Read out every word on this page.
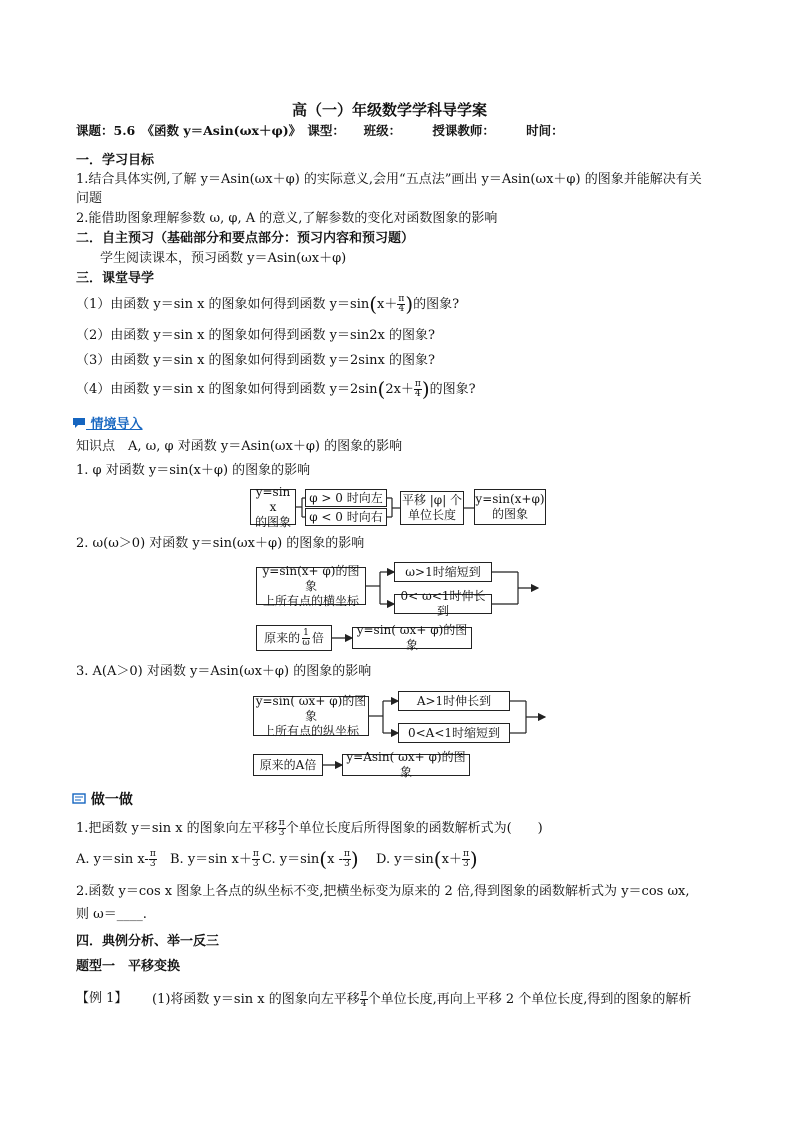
高（一）年级数学学科导学案
课题：5.6　《函数 y＝Asin(ωx＋φ)》　课型：　　班级：　　　授课教师：　　　时间：
一．学习目标
1.结合具体实例,了解 y＝Asin(ωx＋φ) 的实际意义,会用“五点法”画出 y＝Asin(ωx＋φ) 的图象并能解决有关
问题
2.能借助图象理解参数 ω, φ, A 的意义,了解参数的变化对函数图象的影响
二．自主预习（基础部分和要点部分：预习内容和预习题）
学生阅读课本，预习函数 y＝Asin(ωx＋φ)
三．课堂导学
（1）由函数 y＝sin x 的图象如何得到函数 $y=\sin(x+ \frac{\pi}{4}$ )的图象?
（2）由函数 y＝sin x 的图象如何得到函数 y＝sin2x 的图象?
（3）由函数 y＝sin x 的图象如何得到函数 y＝2sinx 的图象?
（4）由函数 y＝sin x 的图象如何得到函数 $y=2\sin(2x+ \frac{\pi}{4}$ )的图象?
情境导入
知识点　A, ω, φ 对函数 y＝Asin(ωx＋φ) 的图象的影响
1. φ 对函数 y＝sin(x＋φ) 的图象的影响
y=sin x
的图象
φ > 0 时向左
φ < 0 时向右
平移 |φ| 个
单位长度
y=sin(x+φ)
的图象
2. ω(ω＞0) 对函数 y＝sin(ωx＋φ) 的图象的影响
y=sin(x+ φ)的图象
上所有点的横坐标
ω>1时缩短到
0< ω<1时伸长到
原来的 $\frac{1}{\omega}$ 倍
y=sin( ωx+ φ)的图象
3. A(A＞0) 对函数 y＝Asin(ωx＋φ) 的图象的影响
y=sin( ωx+ φ)的图象
上所有点的纵坐标
A>1时伸长到
0<A<1时缩短到
原来的A倍
y=Asin( ωx+ φ)的图象
做一做
1.把函数 y＝sin x 的图象向左平移 $\frac{\pi}{3}$ 个单位长度后所得图象的函数解析式为(　　)
A. y＝sin $x- \frac{\pi}{3} B$. y＝sin $x+ \frac{\pi}{3} C$. $y=\sin(x - \frac{\pi}{3}$ ) D. $y=\sin(x+ \frac{\pi}{3}$ )
2.函数 y＝cos x 图象上各点的纵坐标不变,把横坐标变为原来的 2 倍,得到图象的函数解析式为 y＝cos ωx,
则 ω＝____.
四．典例分析、举一反三
题型一　平移变换
【例 1】 (1)将函数 y＝sin x 的图象向左平移 $\frac{\pi}{4}$ 个单位长度,再向上平移 2 个单位长度,得到的图象的解析
